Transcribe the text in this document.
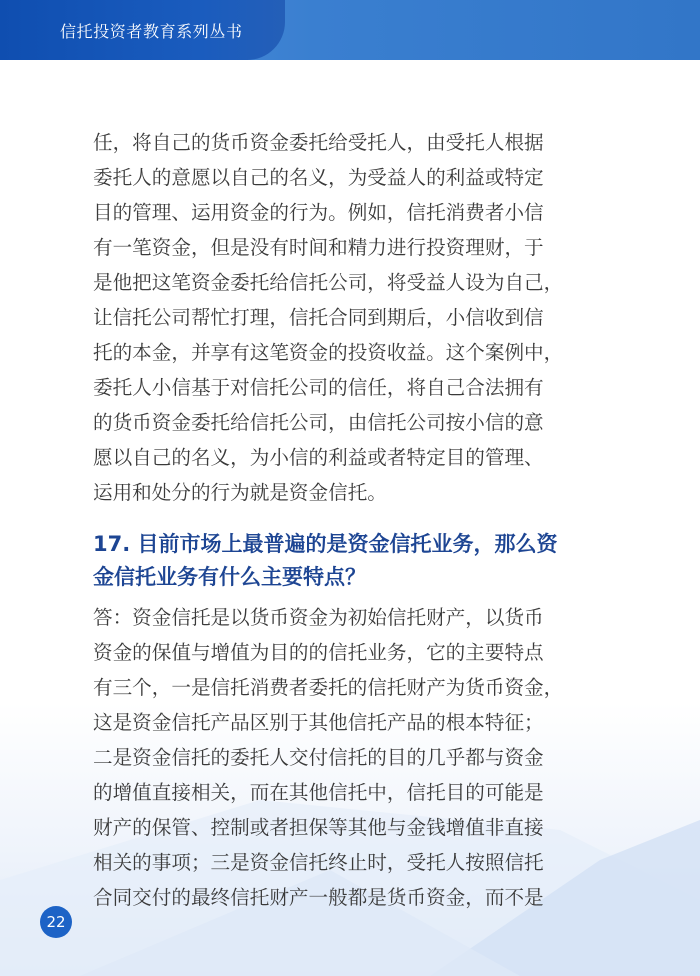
信托投资者教育系列丛书

任，将自己的货币资金委托给受托人，由受托人根据
委托人的意愿以自己的名义，为受益人的利益或特定
目的管理、运用资金的行为。例如，信托消费者小信
有一笔资金，但是没有时间和精力进行投资理财，于
是他把这笔资金委托给信托公司，将受益人设为自己，
让信托公司帮忙打理，信托合同到期后，小信收到信
托的本金，并享有这笔资金的投资收益。这个案例中，
委托人小信基于对信托公司的信任，将自己合法拥有
的货币资金委托给信托公司，由信托公司按小信的意
愿以自己的名义，为小信的利益或者特定目的管理、
运用和处分的行为就是资金信托。

17. 目前市场上最普遍的是资金信托业务，那么资
金信托业务有什么主要特点？

答：资金信托是以货币资金为初始信托财产，以货币
资金的保值与增值为目的的信托业务，它的主要特点
有三个，一是信托消费者委托的信托财产为货币资金，
这是资金信托产品区别于其他信托产品的根本特征；
二是资金信托的委托人交付信托的目的几乎都与资金
的增值直接相关，而在其他信托中，信托目的可能是
财产的保管、控制或者担保等其他与金钱增值非直接
相关的事项；三是资金信托终止时，受托人按照信托
合同交付的最终信托财产一般都是货币资金，而不是

22
